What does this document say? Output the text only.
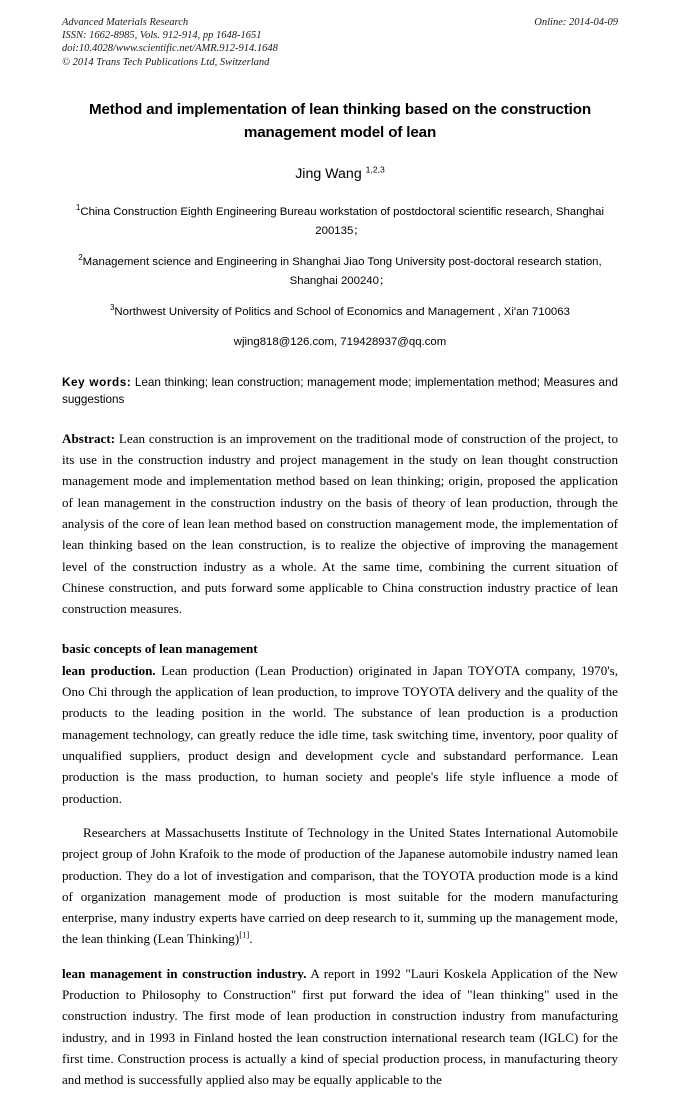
Advanced Materials Research
ISSN: 1662-8985, Vols. 912-914, pp 1648-1651
doi:10.4028/www.scientific.net/AMR.912-914.1648
© 2014 Trans Tech Publications Ltd, Switzerland
Online: 2014-04-09
Method and implementation of lean thinking based on the construction management model of lean
Jing Wang $^{1,2,3}$
$^1$China Construction Eighth Engineering Bureau workstation of postdoctoral scientific research, Shanghai 200135；
$^2$Management science and Engineering in Shanghai Jiao Tong University post-doctoral research station, Shanghai 200240；
$^3$Northwest University of Politics and School of Economics and Management , Xi'an 710063
wjing818@126.com, 719428937@qq.com
Key words: Lean thinking; lean construction; management mode; implementation method; Measures and suggestions
Abstract: Lean construction is an improvement on the traditional mode of construction of the project, to its use in the construction industry and project management in the study on lean thought construction management mode and implementation method based on lean thinking; origin, proposed the application of lean management in the construction industry on the basis of theory of lean production, through the analysis of the core of lean lean method based on construction management mode, the implementation of lean thinking based on the lean construction, is to realize the objective of improving the management level of the construction industry as a whole. At the same time, combining the current situation of Chinese construction, and puts forward some applicable to China construction industry practice of lean construction measures.
basic concepts of lean management

lean production. Lean production (Lean Production) originated in Japan TOYOTA company, 1970's, Ono Chi through the application of lean production, to improve TOYOTA delivery and the quality of the products to the leading position in the world. The substance of lean production is a production management technology, can greatly reduce the idle time, task switching time, inventory, poor quality of unqualified suppliers, product design and development cycle and substandard performance. Lean production is the mass production, to human society and people's life style influence a mode of production.

Researchers at Massachusetts Institute of Technology in the United States International Automobile project group of John Krafoik to the mode of production of the Japanese automobile industry named lean production. They do a lot of investigation and comparison, that the TOYOTA production mode is a kind of organization management mode of production is most suitable for the modern manufacturing enterprise, many industry experts have carried on deep research to it, summing up the management mode, the lean thinking (Lean Thinking)[1].

lean management in construction industry. A report in 1992 "Lauri Koskela Application of the New Production to Philosophy to Construction" first put forward the idea of "lean thinking" used in the construction industry. The first mode of lean production in construction industry from manufacturing industry, and in 1993 in Finland hosted the lean construction international research team (IGLC) for the first time. Construction process is actually a kind of special production process, in manufacturing theory and method is successfully applied also may be equally applicable to the
